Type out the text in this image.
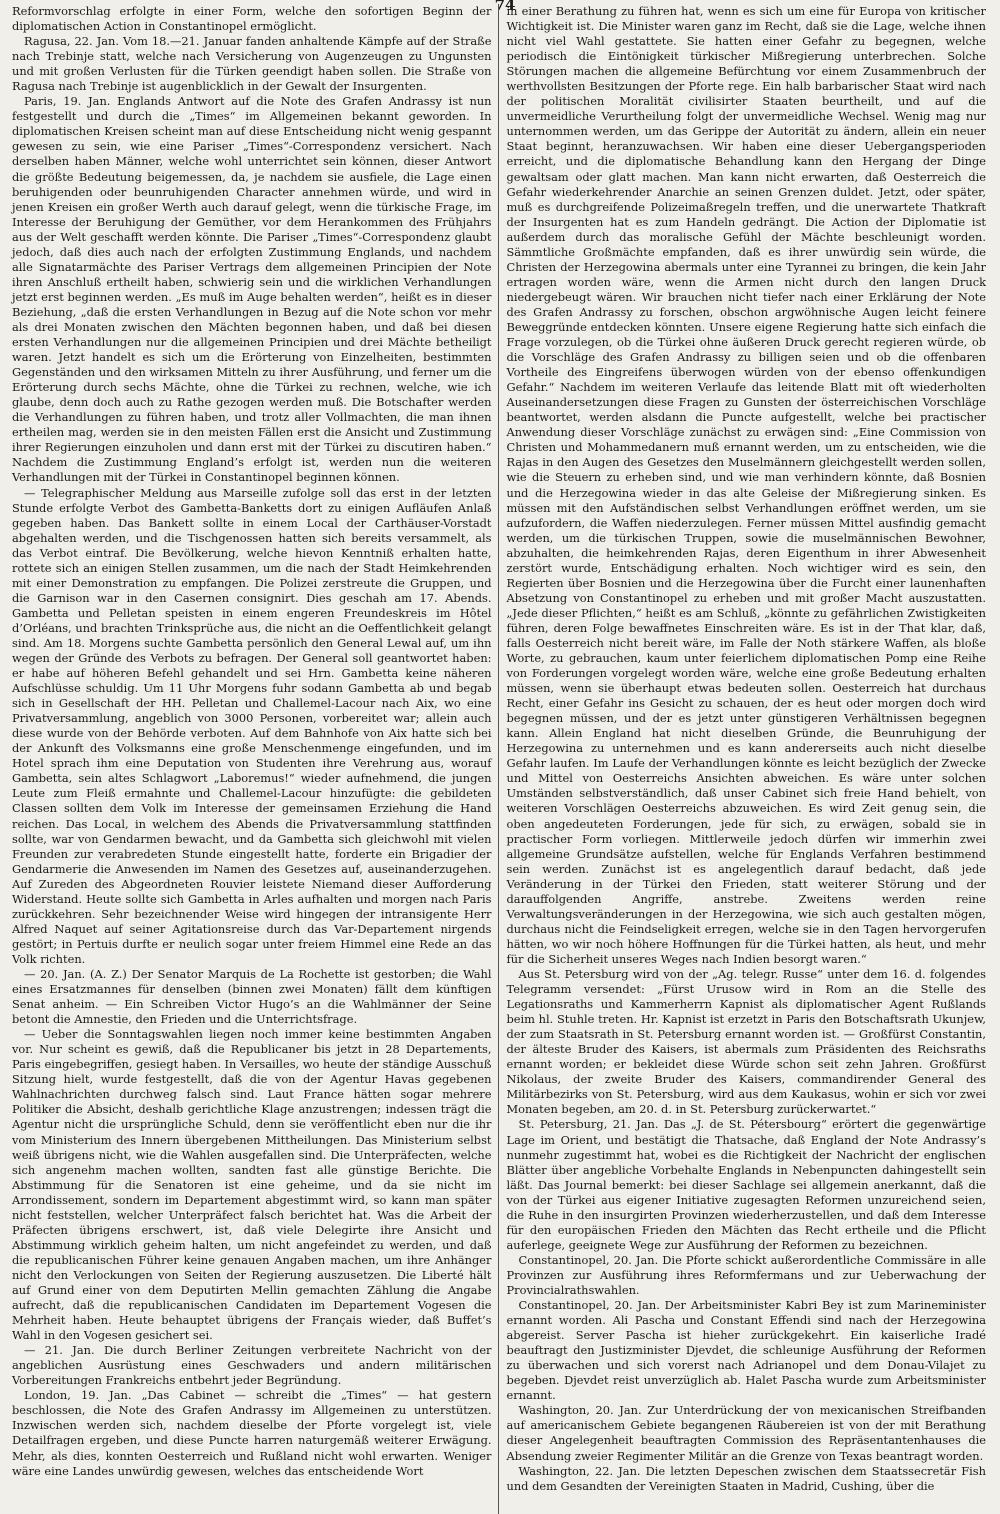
74

Reformvorschlag erfolgte in einer Form, welche den sofortigen Beginn der diplomatischen Action in Constantinopel ermöglicht.

Ragusa, 22. Jan. Vom 18.—21. Januar fanden anhaltende Kämpfe auf der Straße nach Trebinje statt, welche nach Versicherung von Augenzeugen zu Ungunsten und mit großen Verlusten für die Türken geendigt haben sollen. Die Straße von Ragusa nach Trebinje ist augenblicklich in der Gewalt der Insurgenten.

Paris, 19. Jan. Englands Antwort auf die Note des Grafen Andrassy ist nun festgestellt und durch die „Times“ im Allgemeinen bekannt geworden. In diplomatischen Kreisen scheint man auf diese Entscheidung nicht wenig gespannt gewesen zu sein, wie eine Pariser „Times“-Correspondenz versichert. Nach derselben haben Männer, welche wohl unterrichtet sein können, dieser Antwort die größte Bedeutung beigemessen, da, je nachdem sie ausfiele, die Lage einen beruhigenden oder beunruhigenden Character annehmen würde, und wird in jenen Kreisen ein großer Werth auch darauf gelegt, wenn die türkische Frage, im Interesse der Beruhigung der Gemüther, vor dem Herankommen des Frühjahrs aus der Welt geschafft werden könnte. Die Pariser „Times“-Correspondenz glaubt jedoch, daß dies auch nach der erfolgten Zustimmung Englands, und nachdem alle Signatarmächte des Pariser Vertrags dem allgemeinen Principien der Note ihren Anschluß ertheilt haben, schwierig sein und die wirklichen Verhandlungen jetzt erst beginnen werden. „Es muß im Auge behalten werden“, heißt es in dieser Beziehung, „daß die ersten Verhandlungen in Bezug auf die Note schon vor mehr als drei Monaten zwischen den Mächten begonnen haben, und daß bei diesen ersten Verhandlungen nur die allgemeinen Principien und drei Mächte betheiligt waren. Jetzt handelt es sich um die Erörterung von Einzelheiten, bestimmten Gegenständen und den wirksamen Mitteln zu ihrer Ausführung, und ferner um die Erörterung durch sechs Mächte, ohne die Türkei zu rechnen, welche, wie ich glaube, denn doch auch zu Rathe gezogen werden muß. Die Botschafter werden die Verhandlungen zu führen haben, und trotz aller Vollmachten, die man ihnen ertheilen mag, werden sie in den meisten Fällen erst die Ansicht und Zustimmung ihrer Regierungen einzuholen und dann erst mit der Türkei zu discutiren haben.“ Nachdem die Zustimmung England’s erfolgt ist, werden nun die weiteren Verhandlungen mit der Türkei in Constantinopel beginnen können.

— Telegraphischer Meldung aus Marseille zufolge soll das erst in der letzten Stunde erfolgte Verbot des Gambetta-Banketts dort zu einigen Aufläufen Anlaß gegeben haben. Das Bankett sollte in einem Local der Carthäuser-Vorstadt abgehalten werden, und die Tischgenossen hatten sich bereits versammelt, als das Verbot eintraf. Die Bevölkerung, welche hievon Kenntniß erhalten hatte, rottete sich an einigen Stellen zusammen, um die nach der Stadt Heimkehrenden mit einer Demonstration zu empfangen. Die Polizei zerstreute die Gruppen, und die Garnison war in den Casernen consignirt. Dies geschah am 17. Abends. Gambetta und Pelletan speisten in einem engeren Freundeskreis im Hôtel d’Orléans, und brachten Trinksprüche aus, die nicht an die Oeffentlichkeit gelangt sind. Am 18. Morgens suchte Gambetta persönlich den General Lewal auf, um ihn wegen der Gründe des Verbots zu befragen. Der General soll geantwortet haben: er habe auf höheren Befehl gehandelt und sei Hrn. Gambetta keine näheren Aufschlüsse schuldig. Um 11 Uhr Morgens fuhr sodann Gambetta ab und begab sich in Gesellschaft der HH. Pelletan und Challemel-Lacour nach Aix, wo eine Privatversammlung, angeblich von 3000 Personen, vorbereitet war; allein auch diese wurde von der Behörde verboten. Auf dem Bahnhofe von Aix hatte sich bei der Ankunft des Volksmanns eine große Menschenmenge eingefunden, und im Hotel sprach ihm eine Deputation von Studenten ihre Verehrung aus, worauf Gambetta, sein altes Schlagwort „Laboremus!“ wieder aufnehmend, die jungen Leute zum Fleiß ermahnte und Challemel-Lacour hinzufügte: die gebildeten Classen sollten dem Volk im Interesse der gemeinsamen Erziehung die Hand reichen. Das Local, in welchem des Abends die Privatversammlung stattfinden sollte, war von Gendarmen bewacht, und da Gambetta sich gleichwohl mit vielen Freunden zur verabredeten Stunde eingestellt hatte, forderte ein Brigadier der Gendarmerie die Anwesenden im Namen des Gesetzes auf, auseinanderzugehen. Auf Zureden des Abgeordneten Rouvier leistete Niemand dieser Aufforderung Widerstand. Heute sollte sich Gambetta in Arles aufhalten und morgen nach Paris zurückkehren. Sehr bezeichnender Weise wird hingegen der intransigente Herr Alfred Naquet auf seiner Agitationsreise durch das Var-Departement nirgends gestört; in Pertuis durfte er neulich sogar unter freiem Himmel eine Rede an das Volk richten.

— 20. Jan. (A. Z.) Der Senator Marquis de La Rochette ist gestorben; die Wahl eines Ersatzmannes für denselben (binnen zwei Monaten) fällt dem künftigen Senat anheim. — Ein Schreiben Victor Hugo’s an die Wahlmänner der Seine betont die Amnestie, den Frieden und die Unterrichtsfrage.

— Ueber die Sonntagswahlen liegen noch immer keine bestimmten Angaben vor. Nur scheint es gewiß, daß die Republicaner bis jetzt in 28 Departements, Paris eingebegriffen, gesiegt haben. In Versailles, wo heute der ständige Ausschuß Sitzung hielt, wurde festgestellt, daß die von der Agentur Havas gegebenen Wahlnachrichten durchweg falsch sind. Laut France hätten sogar mehrere Politiker die Absicht, deshalb gerichtliche Klage anzustrengen; indessen trägt die Agentur nicht die ursprüngliche Schuld, denn sie veröffentlicht eben nur die ihr vom Ministerium des Innern übergebenen Mittheilungen. Das Ministerium selbst weiß übrigens nicht, wie die Wahlen ausgefallen sind. Die Unterpräfecten, welche sich angenehm machen wollten, sandten fast alle günstige Berichte. Die Abstimmung für die Senatoren ist eine geheime, und da sie nicht im Arrondissement, sondern im Departement abgestimmt wird, so kann man später nicht feststellen, welcher Unterpräfect falsch berichtet hat. Was die Arbeit der Präfecten übrigens erschwert, ist, daß viele Delegirte ihre Ansicht und Abstimmung wirklich geheim halten, um nicht angefeindet zu werden, und daß die republicanischen Führer keine genauen Angaben machen, um ihre Anhänger nicht den Verlockungen von Seiten der Regierung auszusetzen. Die Liberté hält auf Grund einer von dem Deputirten Mellin gemachten Zählung die Angabe aufrecht, daß die republicanischen Candidaten im Departement Vogesen die Mehrheit haben. Heute behauptet übrigens der Français wieder, daß Buffet’s Wahl in den Vogesen gesichert sei.

— 21. Jan. Die durch Berliner Zeitungen verbreitete Nachricht von der angeblichen Ausrüstung eines Geschwaders und andern militärischen Vorbereitungen Frankreichs entbehrt jeder Begründung.

London, 19. Jan. „Das Cabinet — schreibt die „Times“ — hat gestern beschlossen, die Note des Grafen Andrassy im Allgemeinen zu unterstützen. Inzwischen werden sich, nachdem dieselbe der Pforte vorgelegt ist, viele Detailfragen ergeben, und diese Puncte harren naturgemäß weiterer Erwägung. Mehr, als dies, konnten Oesterreich und Rußland nicht wohl erwarten. Weniger wäre eine Landes unwürdig gewesen, welches das entscheidende Wort

in einer Berathung zu führen hat, wenn es sich um eine für Europa von kritischer Wichtigkeit ist. Die Minister waren ganz im Recht, daß sie die Lage, welche ihnen nicht viel Wahl gestattete. Sie hatten einer Gefahr zu begegnen, welche periodisch die Eintönigkeit türkischer Mißregierung unterbrechen. Solche Störungen machen die allgemeine Befürchtung vor einem Zusammenbruch der werthvollsten Besitzungen der Pforte rege. Ein halb barbarischer Staat wird nach der politischen Moralität civilisirter Staaten beurtheilt, und auf die unvermeidliche Verurtheilung folgt der unvermeidliche Wechsel. Wenig mag nur unternommen werden, um das Gerippe der Autorität zu ändern, allein ein neuer Staat beginnt, heranzuwachsen. Wir haben eine dieser Uebergangsperioden erreicht, und die diplomatische Behandlung kann den Hergang der Dinge gewaltsam oder glatt machen. Man kann nicht erwarten, daß Oesterreich die Gefahr wiederkehrender Anarchie an seinen Grenzen duldet. Jetzt, oder später, muß es durchgreifende Polizeimaßregeln treffen, und die unerwartete Thatkraft der Insurgenten hat es zum Handeln gedrängt. Die Action der Diplomatie ist außerdem durch das moralische Gefühl der Mächte beschleunigt worden. Sämmtliche Großmächte empfanden, daß es ihrer unwürdig sein würde, die Christen der Herzegowina abermals unter eine Tyrannei zu bringen, die kein Jahr ertragen worden wäre, wenn die Armen nicht durch den langen Druck niedergebeugt wären. Wir brauchen nicht tiefer nach einer Erklärung der Note des Grafen Andrassy zu forschen, obschon argwöhnische Augen leicht feinere Beweggründe entdecken könnten. Unsere eigene Regierung hatte sich einfach die Frage vorzulegen, ob die Türkei ohne äußeren Druck gerecht regieren würde, ob die Vorschläge des Grafen Andrassy zu billigen seien und ob die offenbaren Vortheile des Eingreifens überwogen würden von der ebenso offenkundigen Gefahr.“ Nachdem im weiteren Verlaufe das leitende Blatt mit oft wiederholten Auseinandersetzungen diese Fragen zu Gunsten der österreichischen Vorschläge beantwortet, werden alsdann die Puncte aufgestellt, welche bei practischer Anwendung dieser Vorschläge zunächst zu erwägen sind: „Eine Commission von Christen und Mohammedanern muß ernannt werden, um zu entscheiden, wie die Rajas in den Augen des Gesetzes den Muselmännern gleichgestellt werden sollen, wie die Steuern zu erheben sind, und wie man verhindern könnte, daß Bosnien und die Herzegowina wieder in das alte Geleise der Mißregierung sinken. Es müssen mit den Aufständischen selbst Verhandlungen eröffnet werden, um sie aufzufordern, die Waffen niederzulegen. Ferner müssen Mittel ausfindig gemacht werden, um die türkischen Truppen, sowie die muselmännischen Bewohner, abzuhalten, die heimkehrenden Rajas, deren Eigenthum in ihrer Abwesenheit zerstört wurde, Entschädigung erhalten. Noch wichtiger wird es sein, den Regierten über Bosnien und die Herzegowina über die Furcht einer launenhaften Absetzung von Constantinopel zu erheben und mit großer Macht auszustatten. „Jede dieser Pflichten,“ heißt es am Schluß, „könnte zu gefährlichen Zwistigkeiten führen, deren Folge bewaffnetes Einschreiten wäre. Es ist in der That klar, daß, falls Oesterreich nicht bereit wäre, im Falle der Noth stärkere Waffen, als bloße Worte, zu gebrauchen, kaum unter feierlichem diplomatischen Pomp eine Reihe von Forderungen vorgelegt worden wäre, welche eine große Bedeutung erhalten müssen, wenn sie überhaupt etwas bedeuten sollen. Oesterreich hat durchaus Recht, einer Gefahr ins Gesicht zu schauen, der es heut oder morgen doch wird begegnen müssen, und der es jetzt unter günstigeren Verhältnissen begegnen kann. Allein England hat nicht dieselben Gründe, die Beunruhigung der Herzegowina zu unternehmen und es kann andererseits auch nicht dieselbe Gefahr laufen. Im Laufe der Verhandlungen könnte es leicht bezüglich der Zwecke und Mittel von Oesterreichs Ansichten abweichen. Es wäre unter solchen Umständen selbstverständlich, daß unser Cabinet sich freie Hand behielt, von weiteren Vorschlägen Oesterreichs abzuweichen. Es wird Zeit genug sein, die oben angedeuteten Forderungen, jede für sich, zu erwägen, sobald sie in practischer Form vorliegen. Mittlerweile jedoch dürfen wir immerhin zwei allgemeine Grundsätze aufstellen, welche für Englands Verfahren bestimmend sein werden. Zunächst ist es angelegentlich darauf bedacht, daß jede Veränderung in der Türkei den Frieden, statt weiterer Störung und der darauffolgenden Angriffe, anstrebe. Zweitens werden reine Verwaltungsveränderungen in der Herzegowina, wie sich auch gestalten mögen, durchaus nicht die Feindseligkeit erregen, welche sie in den Tagen hervorgerufen hätten, wo wir noch höhere Hoffnungen für die Türkei hatten, als heut, und mehr für die Sicherheit unseres Weges nach Indien besorgt waren.“

Aus St. Petersburg wird von der „Ag. telegr. Russe“ unter dem 16. d. folgendes Telegramm versendet: „Fürst Urusow wird in Rom an die Stelle des Legationsraths und Kammerherrn Kapnist als diplomatischer Agent Rußlands beim hl. Stuhle treten. Hr. Kapnist ist erzetzt in Paris den Botschaftsrath Ukunjew, der zum Staatsrath in St. Petersburg ernannt worden ist. — Großfürst Constantin, der älteste Bruder des Kaisers, ist abermals zum Präsidenten des Reichsraths ernannt worden; er bekleidet diese Würde schon seit zehn Jahren. Großfürst Nikolaus, der zweite Bruder des Kaisers, commandirender General des Militärbezirks von St. Petersburg, wird aus dem Kaukasus, wohin er sich vor zwei Monaten begeben, am 20. d. in St. Petersburg zurückerwartet.“

St. Petersburg, 21. Jan. Das „J. de St. Pétersbourg“ erörtert die gegenwärtige Lage im Orient, und bestätigt die Thatsache, daß England der Note Andrassy’s nunmehr zugestimmt hat, wobei es die Richtigkeit der Nachricht der englischen Blätter über angebliche Vorbehalte Englands in Nebenpuncten dahingestellt sein läßt. Das Journal bemerkt: bei dieser Sachlage sei allgemein anerkannt, daß die von der Türkei aus eigener Initiative zugesagten Reformen unzureichend seien, die Ruhe in den insurgirten Provinzen wiederherzustellen, und daß dem Interesse für den europäischen Frieden den Mächten das Recht ertheile und die Pflicht auferlege, geeignete Wege zur Ausführung der Reformen zu bezeichnen.

Constantinopel, 20. Jan. Die Pforte schickt außerordentliche Commissäre in alle Provinzen zur Ausführung ihres Reformfermans und zur Ueberwachung der Provincialrathswahlen.

Constantinopel, 20. Jan. Der Arbeitsminister Kabri Bey ist zum Marineminister ernannt worden. Ali Pascha und Constant Effendi sind nach der Herzegowina abgereist. Server Pascha ist hieher zurückgekehrt. Ein kaiserliche Iradé beauftragt den Justizminister Djevdet, die schleunige Ausführung der Reformen zu überwachen und sich vorerst nach Adrianopel und dem Donau-Vilajet zu begeben. Djevdet reist unverzüglich ab. Halet Pascha wurde zum Arbeitsminister ernannt.

Washington, 20. Jan. Zur Unterdrückung der von mexicanischen Streifbanden auf americanischem Gebiete begangenen Räubereien ist von der mit Berathung dieser Angelegenheit beauftragten Commission des Repräsentantenhauses die Absendung zweier Regimenter Militär an die Grenze von Texas beantragt worden.

Washington, 22. Jan. Die letzten Depeschen zwischen dem Staatssecretär Fish und dem Gesandten der Vereinigten Staaten in Madrid, Cushing, über die
